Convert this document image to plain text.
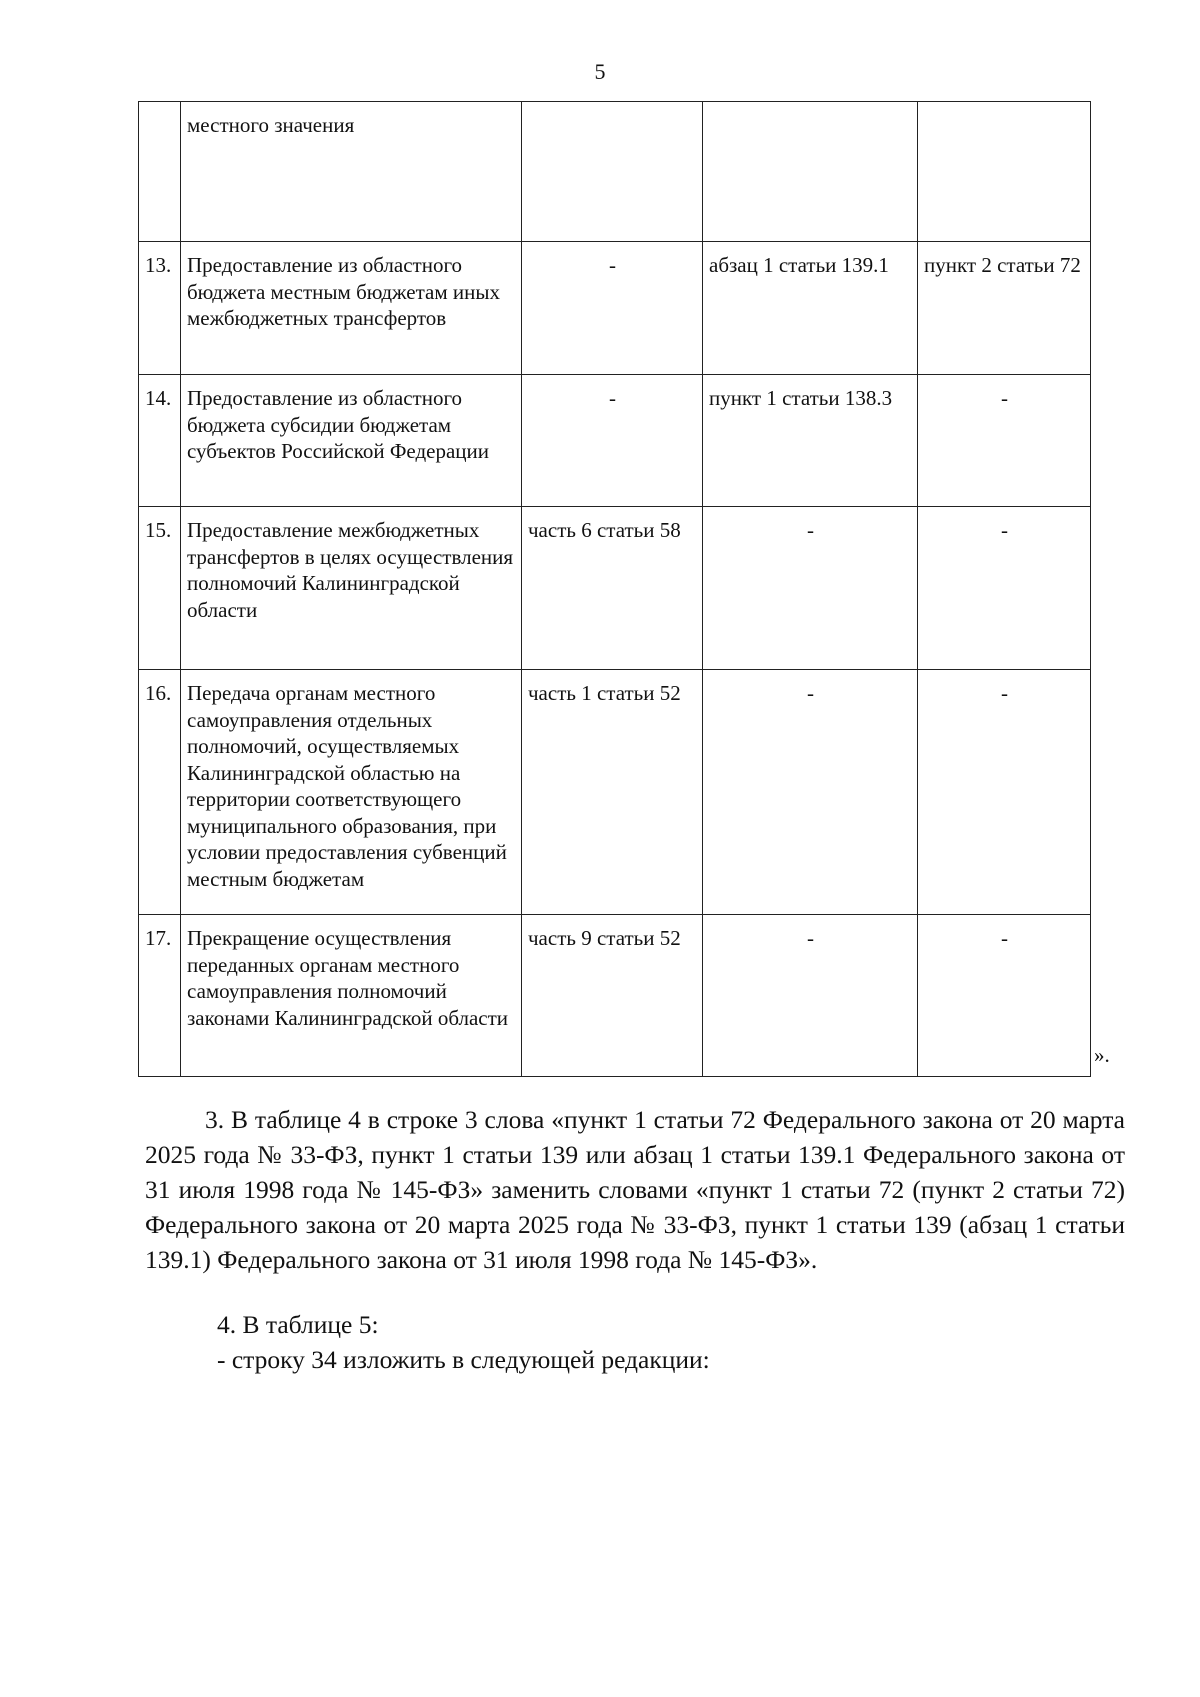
5
	местного значения			
13.	Предоставление из областного бюджета местным бюджетам иных межбюджетных трансфертов	-	абзац 1 статьи 139.1	пункт 2 статьи 72
14.	Предоставление из областного бюджета субсидии бюджетам субъектов Российской Федерации	-	пункт 1 статьи 138.3	-
15.	Предоставление межбюджетных трансфертов в целях осуществления полномочий Калининградской области	часть 6 статьи 58	-	-
16.	Передача органам местного самоуправления отдельных полномочий, осуществляемых Калининградской областью на территории соответствующего муниципального образования, при условии предоставления субвенций местным бюджетам	часть 1 статьи 52	-	-
17.	Прекращение осуществления переданных органам местного самоуправления полномочий законами Калининградской области	часть 9 статьи 52	-	-
».

3. В таблице 4 в строке 3 слова «пункт 1 статьи 72 Федерального закона от 20 марта 2025 года № 33-ФЗ, пункт 1 статьи 139 или абзац 1 статьи 139.1 Федерального закона от 31 июля 1998 года № 145-ФЗ» заменить словами «пункт 1 статьи 72 (пункт 2 статьи 72) Федерального закона от 20 марта 2025 года № 33-ФЗ, пункт 1 статьи 139 (абзац 1 статьи 139.1) Федерального закона от 31 июля 1998 года № 145-ФЗ».

4. В таблице 5:

- строку 34 изложить в следующей редакции:
